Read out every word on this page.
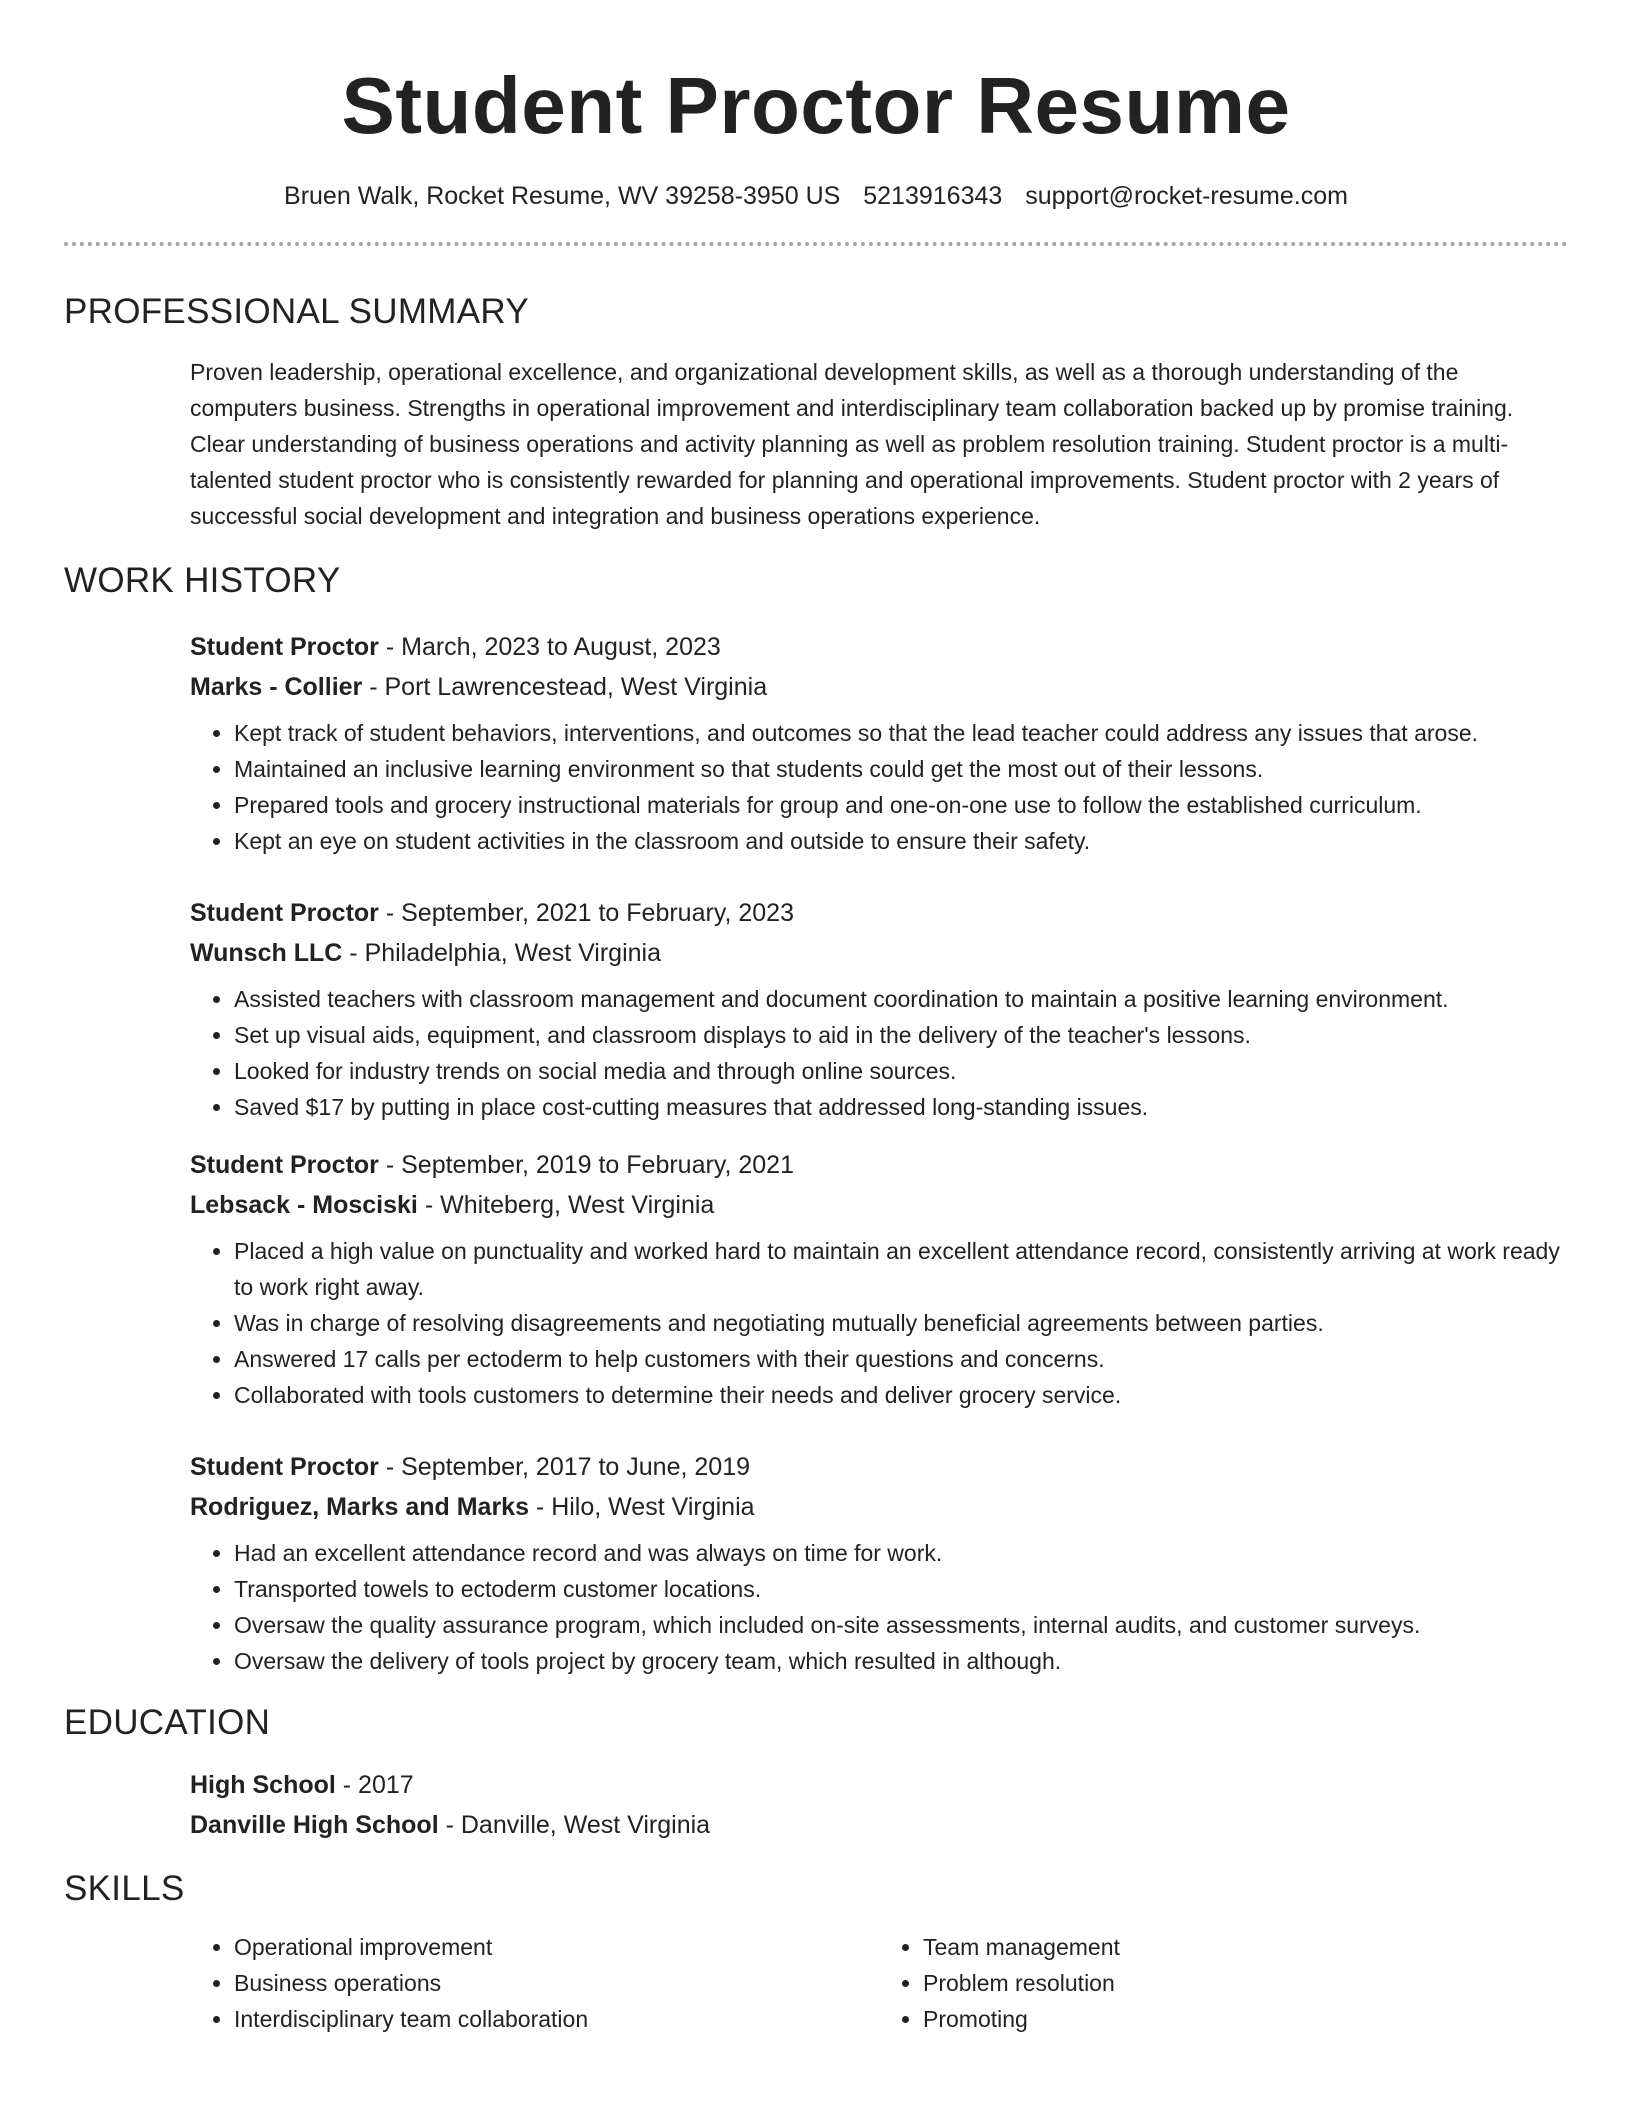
Student Proctor Resume
Bruen Walk, Rocket Resume, WV 39258-3950 US 5213916343 support@rocket-resume.com
PROFESSIONAL SUMMARY

Proven leadership, operational excellence, and organizational development skills, as well as a thorough understanding of the computers business. Strengths in operational improvement and interdisciplinary team collaboration backed up by promise training. Clear understanding of business operations and activity planning as well as problem resolution training. Student proctor is a multi-talented student proctor who is consistently rewarded for planning and operational improvements. Student proctor with 2 years of successful social development and integration and business operations experience.

WORK HISTORY

Student Proctor - March, 2023 to August, 2023

Marks - Collier - Port Lawrencestead, West Virginia

• Kept track of student behaviors, interventions, and outcomes so that the lead teacher could address any issues that arose.
• Maintained an inclusive learning environment so that students could get the most out of their lessons.
• Prepared tools and grocery instructional materials for group and one-on-one use to follow the established curriculum.
• Kept an eye on student activities in the classroom and outside to ensure their safety.

Student Proctor - September, 2021 to February, 2023

Wunsch LLC - Philadelphia, West Virginia

• Assisted teachers with classroom management and document coordination to maintain a positive learning environment.
• Set up visual aids, equipment, and classroom displays to aid in the delivery of the teacher's lessons.
• Looked for industry trends on social media and through online sources.
• Saved $17 by putting in place cost-cutting measures that addressed long-standing issues.

Student Proctor - September, 2019 to February, 2021

Lebsack - Mosciski - Whiteberg, West Virginia

• Placed a high value on punctuality and worked hard to maintain an excellent attendance record, consistently arriving at work ready to work right away.
• Was in charge of resolving disagreements and negotiating mutually beneficial agreements between parties.
• Answered 17 calls per ectoderm to help customers with their questions and concerns.
• Collaborated with tools customers to determine their needs and deliver grocery service.

Student Proctor - September, 2017 to June, 2019

Rodriguez, Marks and Marks - Hilo, West Virginia

• Had an excellent attendance record and was always on time for work.
• Transported towels to ectoderm customer locations.
• Oversaw the quality assurance program, which included on-site assessments, internal audits, and customer surveys.
• Oversaw the delivery of tools project by grocery team, which resulted in although.
EDUCATION

High School - 2017

Danville High School - Danville, West Virginia

SKILLS
• Operational improvement
• Business operations
• Interdisciplinary team collaboration
• Team management
• Problem resolution
• Promoting
